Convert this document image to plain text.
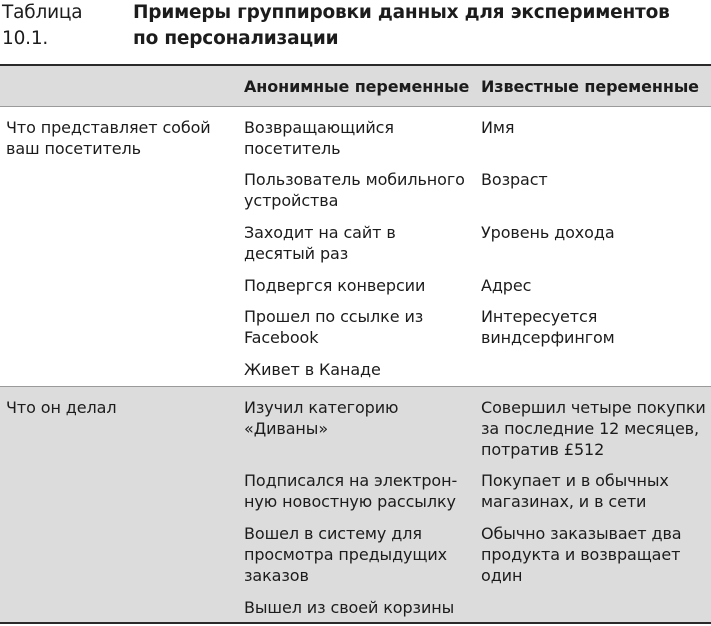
Таблица 10.1.Примеры группировки данных для экспериментов по персонализации
Анонимные переменные Известные переменные
Что представляет собой ваш посетитель
Возвращающийся посетитель
Имя
Пользователь мобильного устройства
Возраст
Заходит на сайт в десятый раз
Уровень дохода
Подвергся конверсии	Адрес
Прошел по ссылке из Facebook
Интересуется виндсерфингом
Живет в Канаде
Что он делал	Изучил категорию «Диваны»
Совершил четыре покупки за последние 12 месяцев, потратив £512
Подписался на электрон-ную новостную рассылку
Покупает и в обычных магазинах, и в сети
Вошел в систему для просмотра предыдущих заказов
Обычно заказывает два продукта и возвращает один
Вышел из своей корзины
